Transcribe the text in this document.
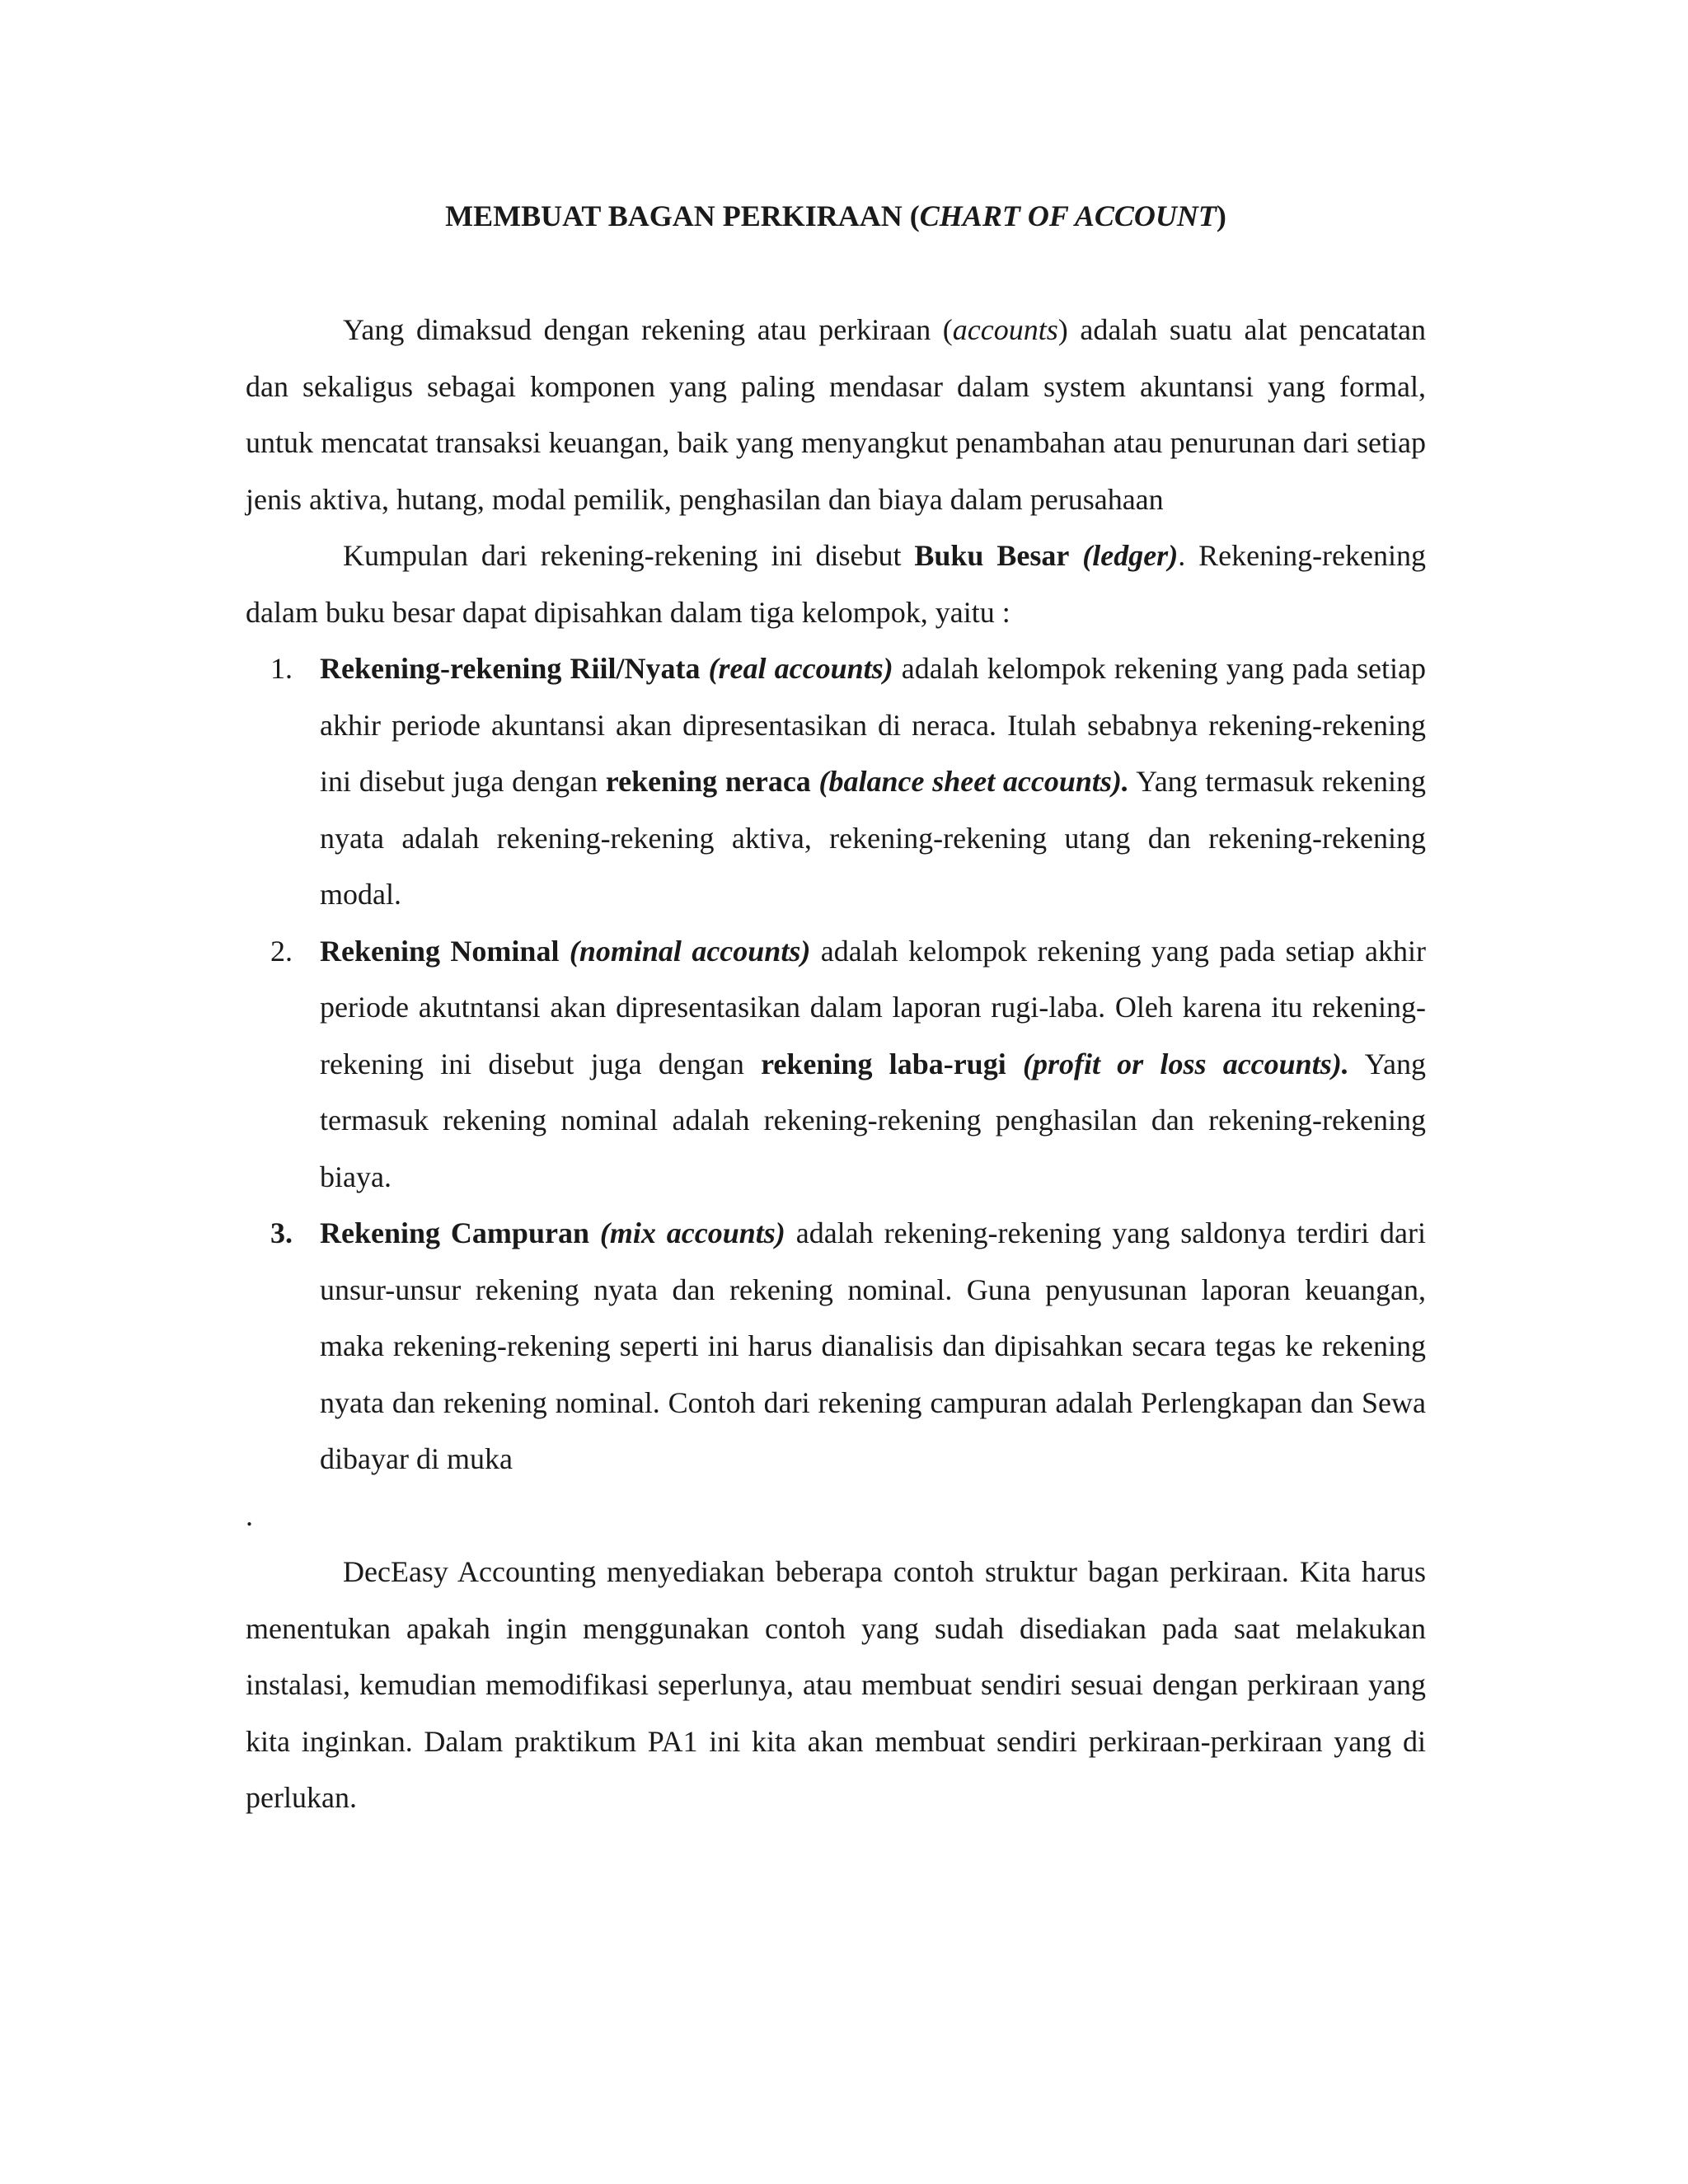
MEMBUAT BAGAN PERKIRAAN (CHART OF ACCOUNT)

Yang dimaksud dengan rekening atau perkiraan (accounts) adalah suatu alat pencatatan dan sekaligus sebagai komponen yang paling mendasar dalam system akuntansi yang formal, untuk mencatat transaksi keuangan, baik yang menyangkut penambahan atau penurunan dari setiap jenis aktiva, hutang, modal pemilik, penghasilan dan biaya dalam perusahaan

Kumpulan dari rekening-rekening ini disebut Buku Besar (ledger). Rekening-rekening dalam buku besar dapat dipisahkan dalam tiga kelompok, yaitu :

1. Rekening-rekening Riil/Nyata (real accounts) adalah kelompok rekening yang pada setiap akhir periode akuntansi akan dipresentasikan di neraca. Itulah sebabnya rekening-rekening ini disebut juga dengan rekening neraca (balance sheet accounts). Yang termasuk rekening nyata adalah rekening-rekening aktiva, rekening-rekening utang dan rekening-rekening modal.
2. Rekening Nominal (nominal accounts) adalah kelompok rekening yang pada setiap akhir periode akutntansi akan dipresentasikan dalam laporan rugi-laba. Oleh karena itu rekening-rekening ini disebut juga dengan rekening laba-rugi (profit or loss accounts). Yang termasuk rekening nominal adalah rekening-rekening penghasilan dan rekening-rekening biaya.
3. Rekening Campuran (mix accounts) adalah rekening-rekening yang saldonya terdiri dari unsur-unsur rekening nyata dan rekening nominal. Guna penyusunan laporan keuangan, maka rekening-rekening seperti ini harus dianalisis dan dipisahkan secara tegas ke rekening nyata dan rekening nominal. Contoh dari rekening campuran adalah Perlengkapan dan Sewa dibayar di muka

.

DecEasy Accounting menyediakan beberapa contoh struktur bagan perkiraan. Kita harus menentukan apakah ingin menggunakan contoh yang sudah disediakan pada saat melakukan instalasi, kemudian memodifikasi seperlunya, atau membuat sendiri sesuai dengan perkiraan yang kita inginkan. Dalam praktikum PA1 ini kita akan membuat sendiri perkiraan-perkiraan yang di perlukan.
